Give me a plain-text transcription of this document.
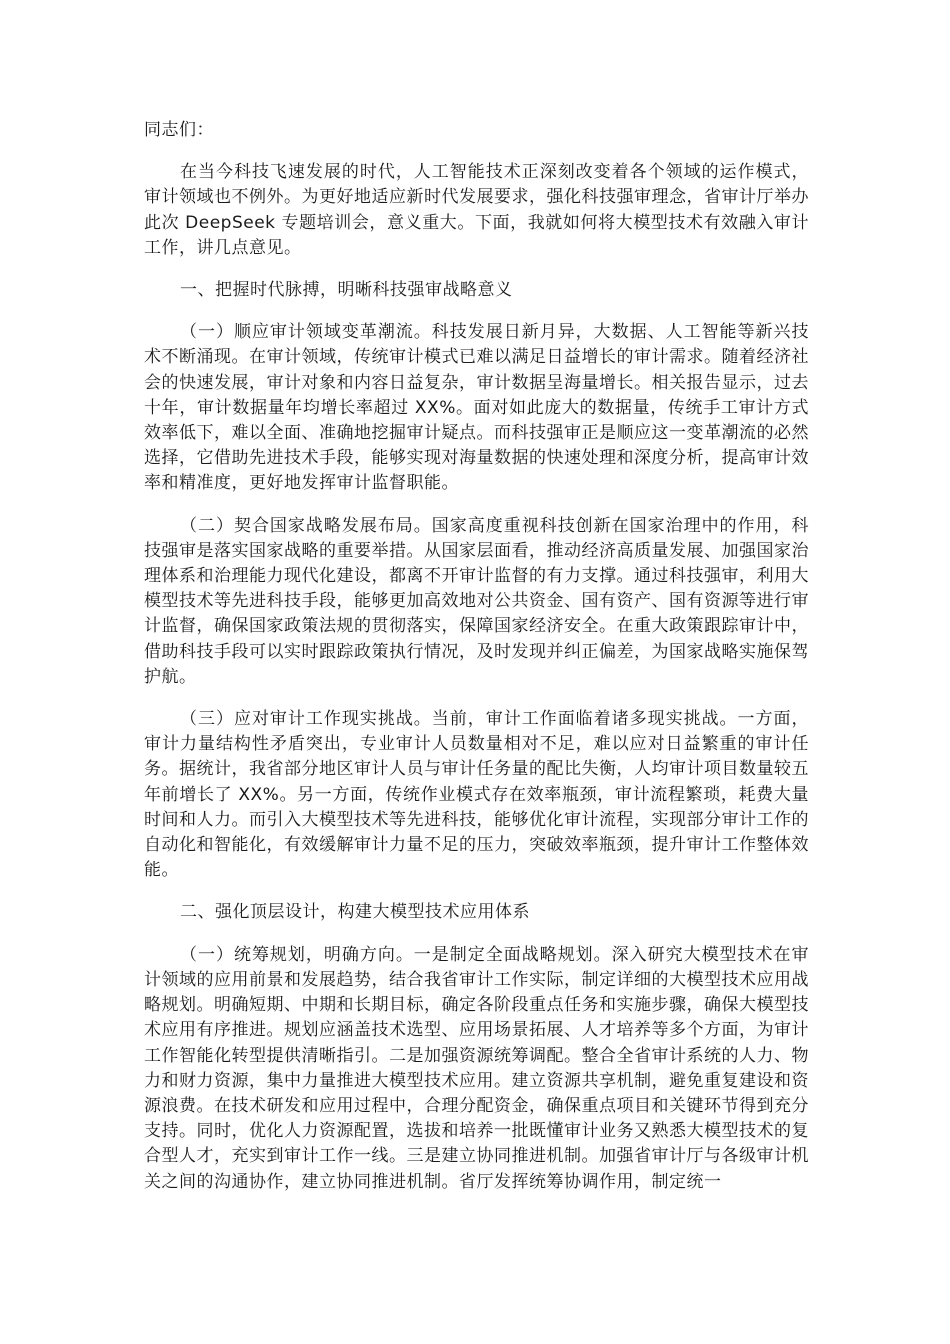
同志们：

在当今科技飞速发展的时代，人工智能技术正深刻改变着各个领域的运作模式，审计领域也不例外。为更好地适应新时代发展要求，强化科技强审理念，省审计厅举办此次 DeepSeek 专题培训会，意义重大。下面，我就如何将大模型技术有效融入审计工作，讲几点意见。

一、把握时代脉搏，明晰科技强审战略意义

（一）顺应审计领域变革潮流。科技发展日新月异，大数据、人工智能等新兴技术不断涌现。在审计领域，传统审计模式已难以满足日益增长的审计需求。随着经济社会的快速发展，审计对象和内容日益复杂，审计数据呈海量增长。相关报告显示，过去十年，审计数据量年均增长率超过 XX%。面对如此庞大的数据量，传统手工审计方式效率低下，难以全面、准确地挖掘审计疑点。而科技强审正是顺应这一变革潮流的必然选择，它借助先进技术手段，能够实现对海量数据的快速处理和深度分析，提高审计效率和精准度，更好地发挥审计监督职能。

（二）契合国家战略发展布局。国家高度重视科技创新在国家治理中的作用，科技强审是落实国家战略的重要举措。从国家层面看，推动经济高质量发展、加强国家治理体系和治理能力现代化建设，都离不开审计监督的有力支撑。通过科技强审，利用大模型技术等先进科技手段，能够更加高效地对公共资金、国有资产、国有资源等进行审计监督，确保国家政策法规的贯彻落实，保障国家经济安全。在重大政策跟踪审计中，借助科技手段可以实时跟踪政策执行情况，及时发现并纠正偏差，为国家战略实施保驾护航。

（三）应对审计工作现实挑战。当前，审计工作面临着诸多现实挑战。一方面，审计力量结构性矛盾突出，专业审计人员数量相对不足，难以应对日益繁重的审计任务。据统计，我省部分地区审计人员与审计任务量的配比失衡，人均审计项目数量较五年前增长了 XX%。另一方面，传统作业模式存在效率瓶颈，审计流程繁琐，耗费大量时间和人力。而引入大模型技术等先进科技，能够优化审计流程，实现部分审计工作的自动化和智能化，有效缓解审计力量不足的压力，突破效率瓶颈，提升审计工作整体效能。

二、强化顶层设计，构建大模型技术应用体系

（一）统筹规划，明确方向。一是制定全面战略规划。深入研究大模型技术在审计领域的应用前景和发展趋势，结合我省审计工作实际，制定详细的大模型技术应用战略规划。明确短期、中期和长期目标，确定各阶段重点任务和实施步骤，确保大模型技术应用有序推进。规划应涵盖技术选型、应用场景拓展、人才培养等多个方面，为审计工作智能化转型提供清晰指引。二是加强资源统筹调配。整合全省审计系统的人力、物力和财力资源，集中力量推进大模型技术应用。建立资源共享机制，避免重复建设和资源浪费。在技术研发和应用过程中，合理分配资金，确保重点项目和关键环节得到充分支持。同时，优化人力资源配置，选拔和培养一批既懂审计业务又熟悉大模型技术的复合型人才，充实到审计工作一线。三是建立协同推进机制。加强省审计厅与各级审计机关之间的沟通协作，建立协同推进机制。省厅发挥统筹协调作用，制定统一
